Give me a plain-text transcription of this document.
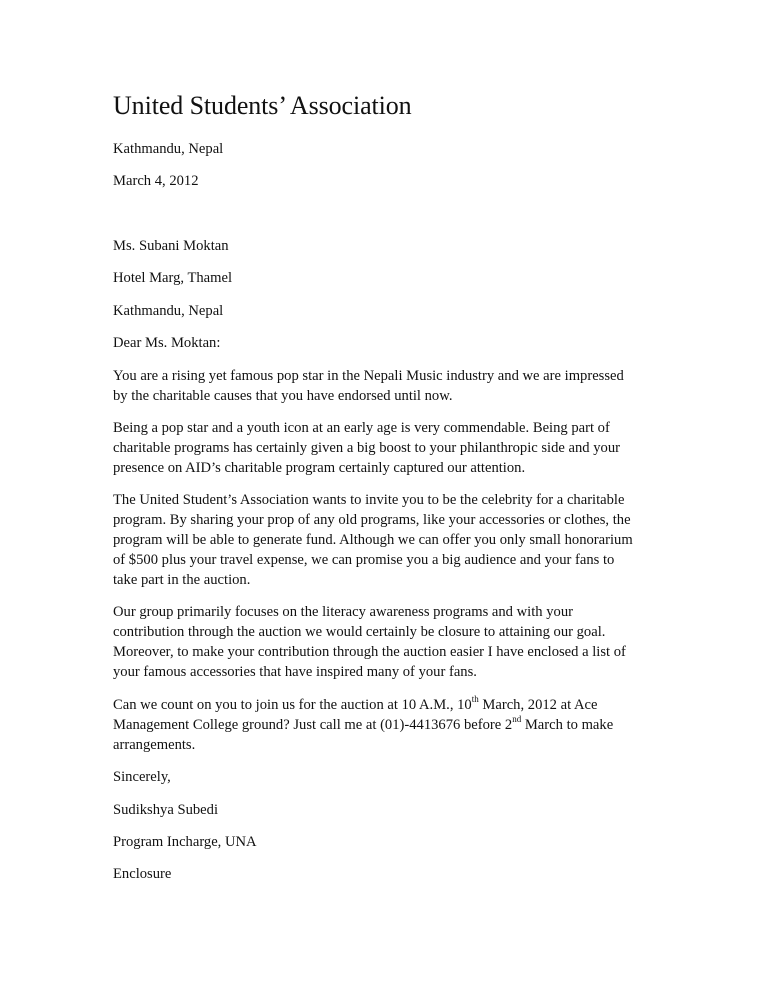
United Students’ Association
Kathmandu, Nepal
March 4, 2012
Ms. Subani Moktan
Hotel Marg, Thamel
Kathmandu, Nepal
Dear Ms. Moktan:
You are a rising yet famous pop star in the Nepali Music industry and we are impressed
by the charitable causes that you have endorsed until now.
Being a pop star and a youth icon at an early age is very commendable. Being part of
charitable programs has certainly given a big boost to your philanthropic side and your
presence on AID’s charitable program certainly captured our attention.
The United Student’s Association wants to invite you to be the celebrity for a charitable
program. By sharing your prop of any old programs, like your accessories or clothes, the
program will be able to generate fund. Although we can offer you only small honorarium
of $500 plus your travel expense, we can promise you a big audience and your fans to
take part in the auction.
Our group primarily focuses on the literacy awareness programs and with your
contribution through the auction we would certainly be closure to attaining our goal.
Moreover, to make your contribution through the auction easier I have enclosed a list of
your famous accessories that have inspired many of your fans.
Can we count on you to join us for the auction at 10 A.M., 10th March, 2012 at Ace
Management College ground? Just call me at (01)-4413676 before 2nd March to make
arrangements.
Sincerely,
Sudikshya Subedi
Program Incharge, UNA
Enclosure
